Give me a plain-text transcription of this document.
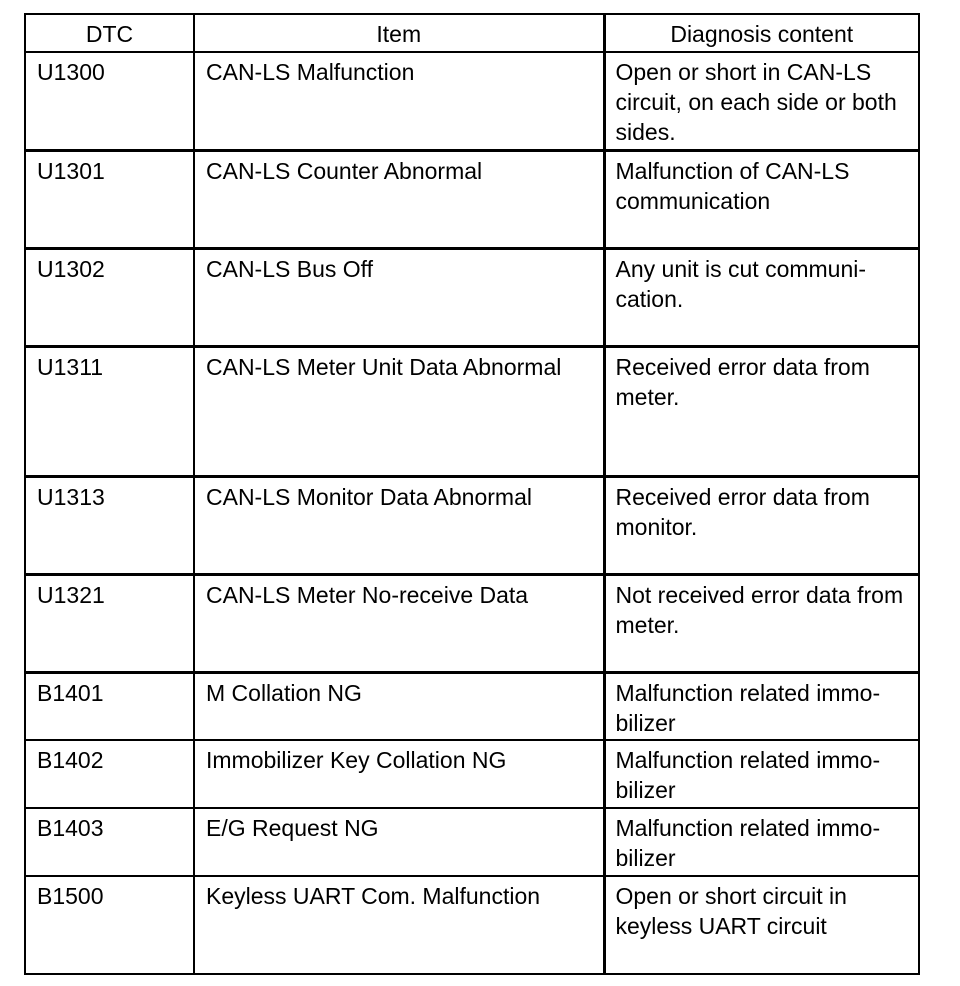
DTC	Item	Diagnosis content
U1300	CAN-LS Malfunction	Open or short in CAN-LS circuit, on each side or both sides.
U1301	CAN-LS Counter Abnormal	Malfunction of CAN-LS communication
U1302	CAN-LS Bus Off	Any unit is cut communi-cation.
U1311	CAN-LS Meter Unit Data Abnormal	Received error data from meter.
U1313	CAN-LS Monitor Data Abnormal	Received error data from monitor.
U1321	CAN-LS Meter No-receive Data	Not received error data from meter.
B1401	M Collation NG	Malfunction related immo-bilizer
B1402	Immobilizer Key Collation NG	Malfunction related immo-bilizer
B1403	E/G Request NG	Malfunction related immo-bilizer
B1500	Keyless UART Com. Malfunction	Open or short circuit in keyless UART circuit
